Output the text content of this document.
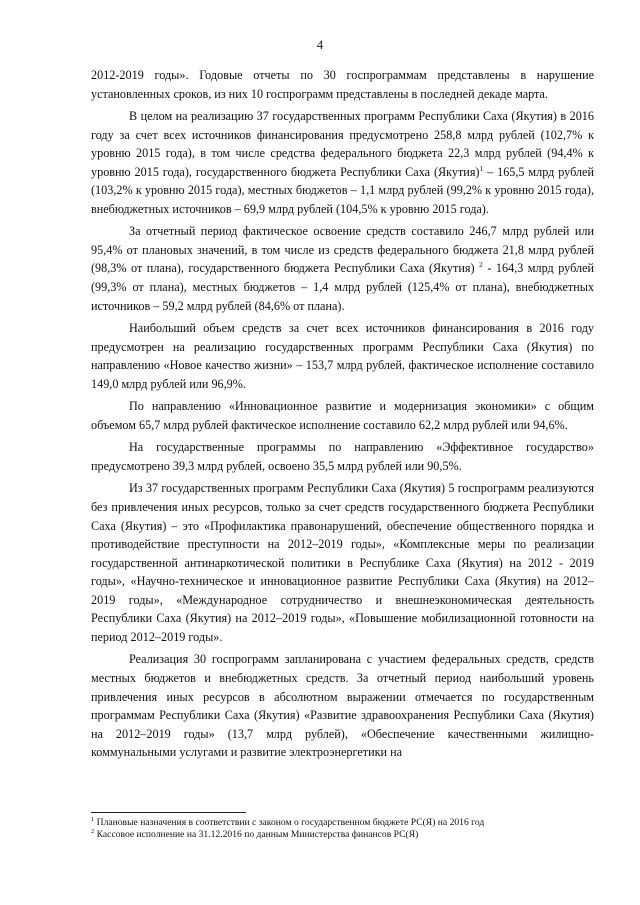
4

2012-2019 годы». Годовые отчеты по 30 госпрограммам представлены в нарушение установленных сроков, из них 10 госпрограмм представлены в последней декаде марта.

В целом на реализацию 37 государственных программ Республики Саха (Якутия) в 2016 году за счет всех источников финансирования предусмотрено 258,8 млрд рублей (102,7% к уровню 2015 года), в том числе средства федерального бюджета 22,3 млрд рублей (94,4% к уровню 2015 года), государственного бюджета Республики Саха (Якутия)$^1$ – 165,5 млрд рублей (103,2% к уровню 2015 года), местных бюджетов – 1,1 млрд рублей (99,2% к уровню 2015 года), внебюджетных источников – 69,9 млрд рублей (104,5% к уровню 2015 года).

За отчетный период фактическое освоение средств составило 246,7 млрд рублей или 95,4% от плановых значений, в том числе из средств федерального бюджета 21,8 млрд рублей (98,3% от плана), государственного бюджета Республики Саха (Якутия) $^2$ - 164,3 млрд рублей (99,3% от плана), местных бюджетов – 1,4 млрд рублей (125,4% от плана), внебюджетных источников – 59,2 млрд рублей (84,6% от плана).

Наибольший объем средств за счет всех источников финансирования в 2016 году предусмотрен на реализацию государственных программ Республики Саха (Якутия) по направлению «Новое качество жизни» – 153,7 млрд рублей, фактическое исполнение составило 149,0 млрд рублей или 96,9%.

По направлению «Инновационное развитие и модернизация экономики» с общим объемом 65,7 млрд рублей фактическое исполнение составило 62,2 млрд рублей или 94,6%.

На государственные программы по направлению «Эффективное государство» предусмотрено 39,3 млрд рублей, освоено 35,5 млрд рублей или 90,5%.

Из 37 государственных программ Республики Саха (Якутия) 5 госпрограмм реализуются без привлечения иных ресурсов, только за счет средств государственного бюджета Республики Саха (Якутия) – это «Профилактика правонарушений, обеспечение общественного порядка и противодействие преступности на 2012–2019 годы», «Комплексные меры по реализации государственной антинаркотической политики в Республике Саха (Якутия) на 2012 - 2019 годы», «Научно-техническое и инновационное развитие Республики Саха (Якутия) на 2012–2019 годы», «Международное сотрудничество и внешнеэкономическая деятельность Республики Саха (Якутия) на 2012–2019 годы», «Повышение мобилизационной готовности на период 2012–2019 годы».

Реализация 30 госпрограмм запланирована с участием федеральных средств, средств местных бюджетов и внебюджетных средств. За отчетный период наибольший уровень привлечения иных ресурсов в абсолютном выражении отмечается по государственным программам Республики Саха (Якутия) «Развитие здравоохранения Республики Саха (Якутия) на 2012–2019 годы» (13,7 млрд рублей), «Обеспечение качественными жилищно-коммунальными услугами и развитие электроэнергетики на

$^1$ Плановые назначения в соответствии с законом о государственном бюджете РС(Я) на 2016 год

$^2$ Кассовое исполнение на 31.12.2016 по данным Министерства финансов РС(Я)
